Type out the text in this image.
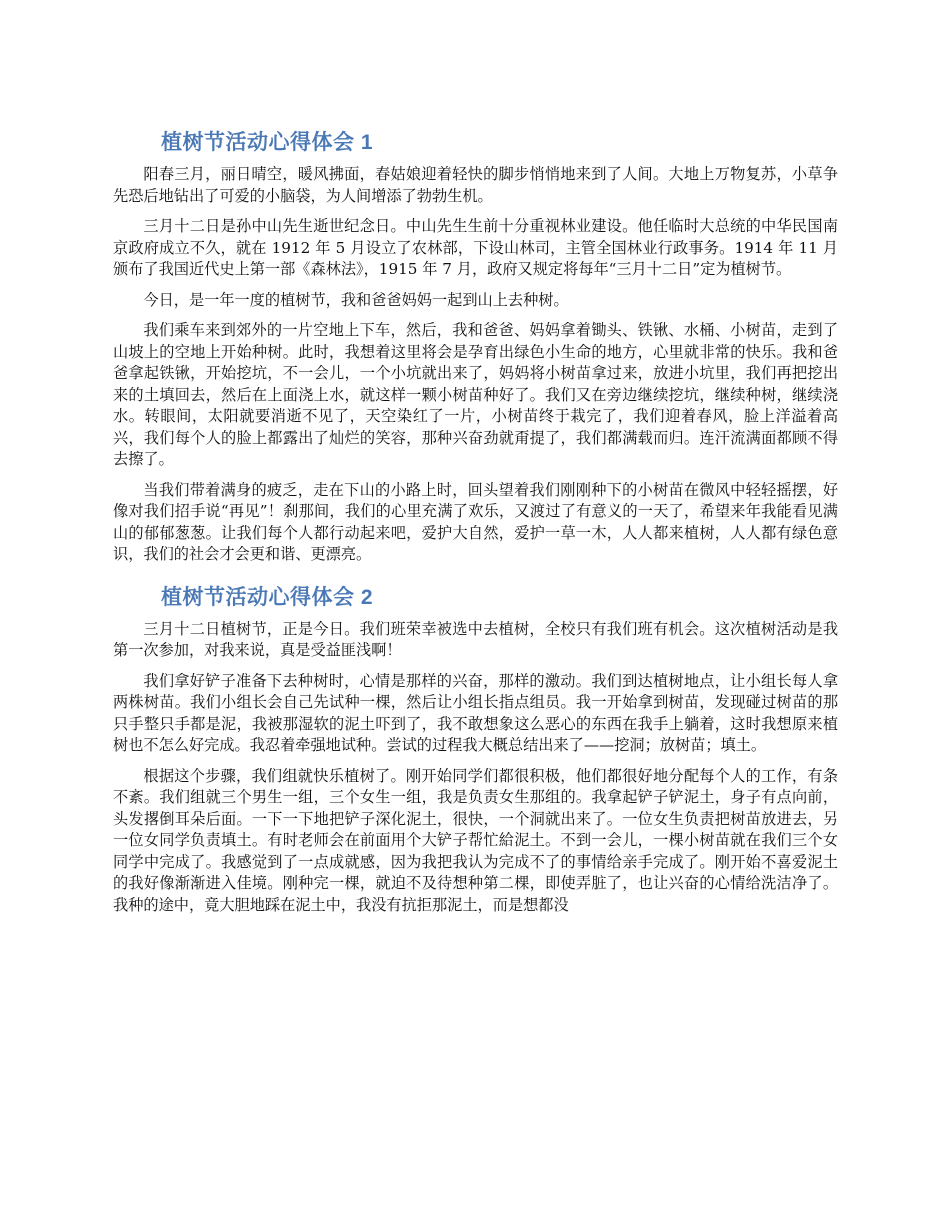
植树节活动心得体会 1

阳春三月，丽日晴空，暖风拂面，春姑娘迎着轻快的脚步悄悄地来到了人间。大地上万物复苏，小草争先恐后地钻出了可爱的小脑袋，为人间增添了勃勃生机。

三月十二日是孙中山先生逝世纪念日。中山先生生前十分重视林业建设。他任临时大总统的中华民国南京政府成立不久，就在 1912 年 5 月设立了农林部，下设山林司，主管全国林业行政事务。1914 年 11 月颁布了我国近代史上第一部《森林法》，1915 年 7 月，政府又规定将每年“三月十二日”定为植树节。

今日，是一年一度的植树节，我和爸爸妈妈一起到山上去种树。

我们乘车来到郊外的一片空地上下车，然后，我和爸爸、妈妈拿着锄头、铁锹、水桶、小树苗，走到了山坡上的空地上开始种树。此时，我想着这里将会是孕育出绿色小生命的地方，心里就非常的快乐。我和爸爸拿起铁锹，开始挖坑，不一会儿，一个小坑就出来了，妈妈将小树苗拿过来，放进小坑里，我们再把挖出来的土填回去，然后在上面浇上水，就这样一颗小树苗种好了。我们又在旁边继续挖坑，继续种树，继续浇水。转眼间，太阳就要消逝不见了，天空染红了一片，小树苗终于栽完了，我们迎着春风，脸上洋溢着高兴，我们每个人的脸上都露出了灿烂的笑容，那种兴奋劲就甭提了，我们都满载而归。连汗流满面都顾不得去擦了。

当我们带着满身的疲乏，走在下山的小路上时，回头望着我们刚刚种下的小树苗在微风中轻轻摇摆，好像对我们招手说“再见”！刹那间，我们的心里充满了欢乐，又渡过了有意义的一天了，希望来年我能看见满山的郁郁葱葱。让我们每个人都行动起来吧，爱护大自然，爱护一草一木，人人都来植树，人人都有绿色意识，我们的社会才会更和谐、更漂亮。

植树节活动心得体会 2

三月十二日植树节，正是今日。我们班荣幸被选中去植树，全校只有我们班有机会。这次植树活动是我第一次参加，对我来说，真是受益匪浅啊！

我们拿好铲子准备下去种树时，心情是那样的兴奋，那样的激动。我们到达植树地点，让小组长每人拿两株树苗。我们小组长会自己先试种一棵，然后让小组长指点组员。我一开始拿到树苗，发现碰过树苗的那只手整只手都是泥，我被那湿软的泥土吓到了，我不敢想象这么恶心的东西在我手上躺着，这时我想原来植树也不怎么好完成。我忍着牵强地试种。尝试的过程我大概总结出来了——挖洞；放树苗；填土。

根据这个步骤，我们组就快乐植树了。刚开始同学们都很积极，他们都很好地分配每个人的工作，有条不紊。我们组就三个男生一组，三个女生一组，我是负责女生那组的。我拿起铲子铲泥土，身子有点向前，头发撂倒耳朵后面。一下一下地把铲子深化泥土，很快，一个洞就出来了。一位女生负责把树苗放进去，另一位女同学负责填土。有时老师会在前面用个大铲子帮忙給泥土。不到一会儿，一棵小树苗就在我们三个女同学中完成了。我感觉到了一点成就感，因为我把我认为完成不了的事情给亲手完成了。刚开始不喜爱泥土的我好像渐渐进入佳境。刚种完一棵，就迫不及待想种第二棵，即使弄脏了，也让兴奋的心情给洗洁净了。我种的途中，竟大胆地踩在泥土中，我没有抗拒那泥土，而是想都没
